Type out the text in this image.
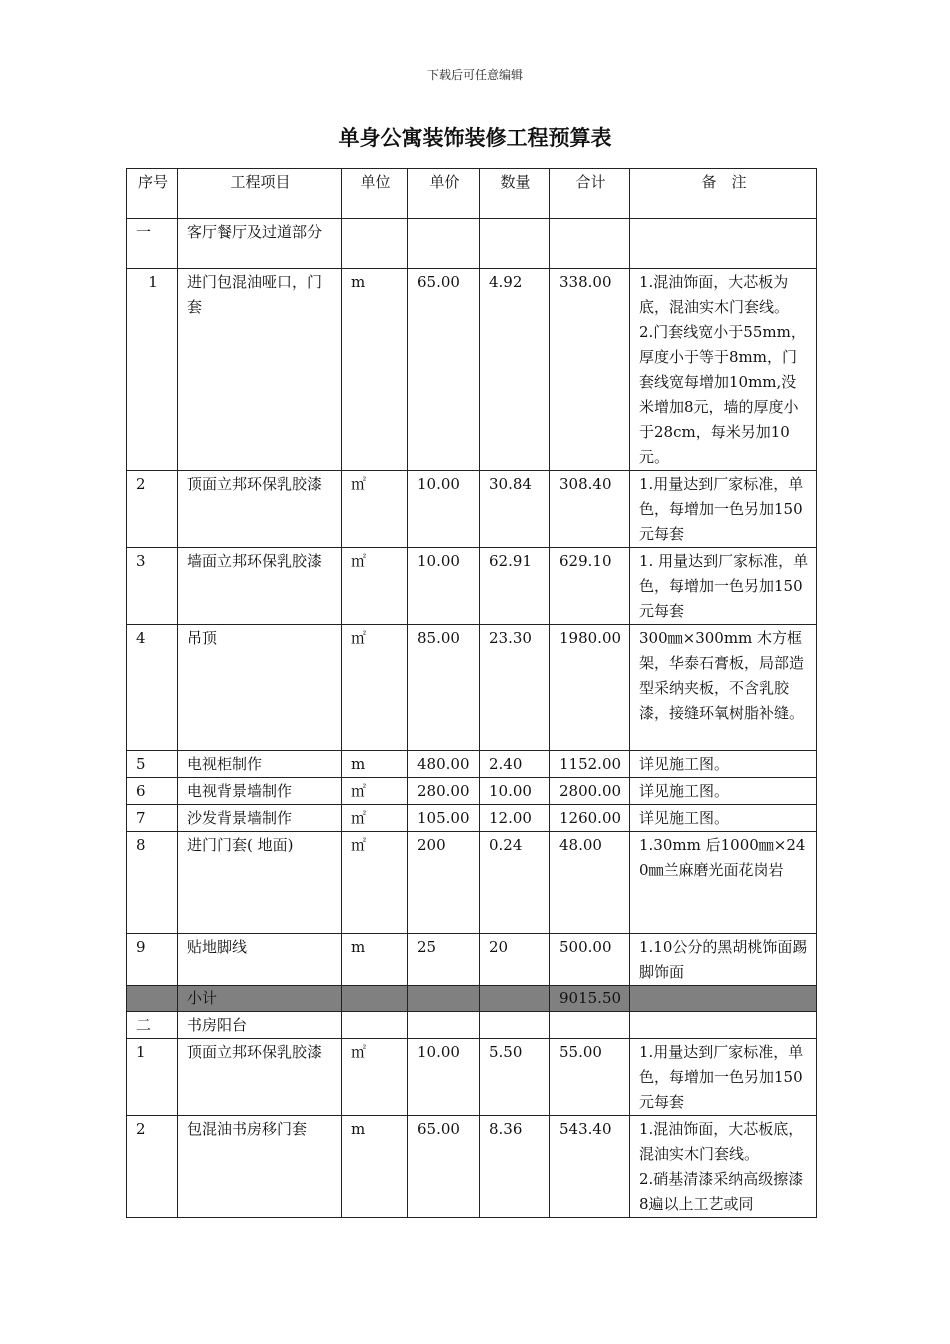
下载后可任意编辑
单身公寓装饰装修工程预算表
序号	工程项目	单位	单价	数量	合计	备　注
一	客厅餐厅及过道部分					
1	进门包混油哑口，门套	m	65.00	4.92	338.00	1.混油饰面，大芯板为底，混油实木门套线。
2.门套线宽小于55mm，厚度小于等于8mm，门套线宽每增加10mm,没米增加8元，墙的厚度小于28cm，每米另加10元。

2	顶面立邦环保乳胶漆	㎡	10.00	30.84	308.40	1.用量达到厂家标准，单色，每增加一色另加150元每套

3	墙面立邦环保乳胶漆	㎡	10.00	62.91	629.10	1. 用量达到厂家标准，单色，每增加一色另加150元每套

4	吊顶	㎡	85.00	23.30	1980.00	300㎜×300mm 木方框架，华泰石膏板，局部造型采纳夹板，不含乳胶漆，接缝环氧树脂补缝。

5	电视柜制作	m	480.00	2.40	1152.00	详见施工图。

6	电视背景墙制作	㎡	280.00	10.00	2800.00	详见施工图。

7	沙发背景墙制作	㎡	105.00	12.00	1260.00	详见施工图。

8	进门门套( 地面)	㎡	200	0.24	48.00	1.30mm 后1000㎜×240㎜兰麻磨光面花岗岩

9	贴地脚线	m	25	20	500.00	1.10公分的黑胡桃饰面踢脚饰面

	小计				9015.50	
二	书房阳台					
1	顶面立邦环保乳胶漆	㎡	10.00	5.50	55.00	1.用量达到厂家标准，单色，每增加一色另加150元每套

2	包混油书房移门套	m	65.00	8.36	543.40	1.混油饰面，大芯板底，混油实木门套线。
2.硝基清漆采纳高级擦漆8遍以上工艺或同
